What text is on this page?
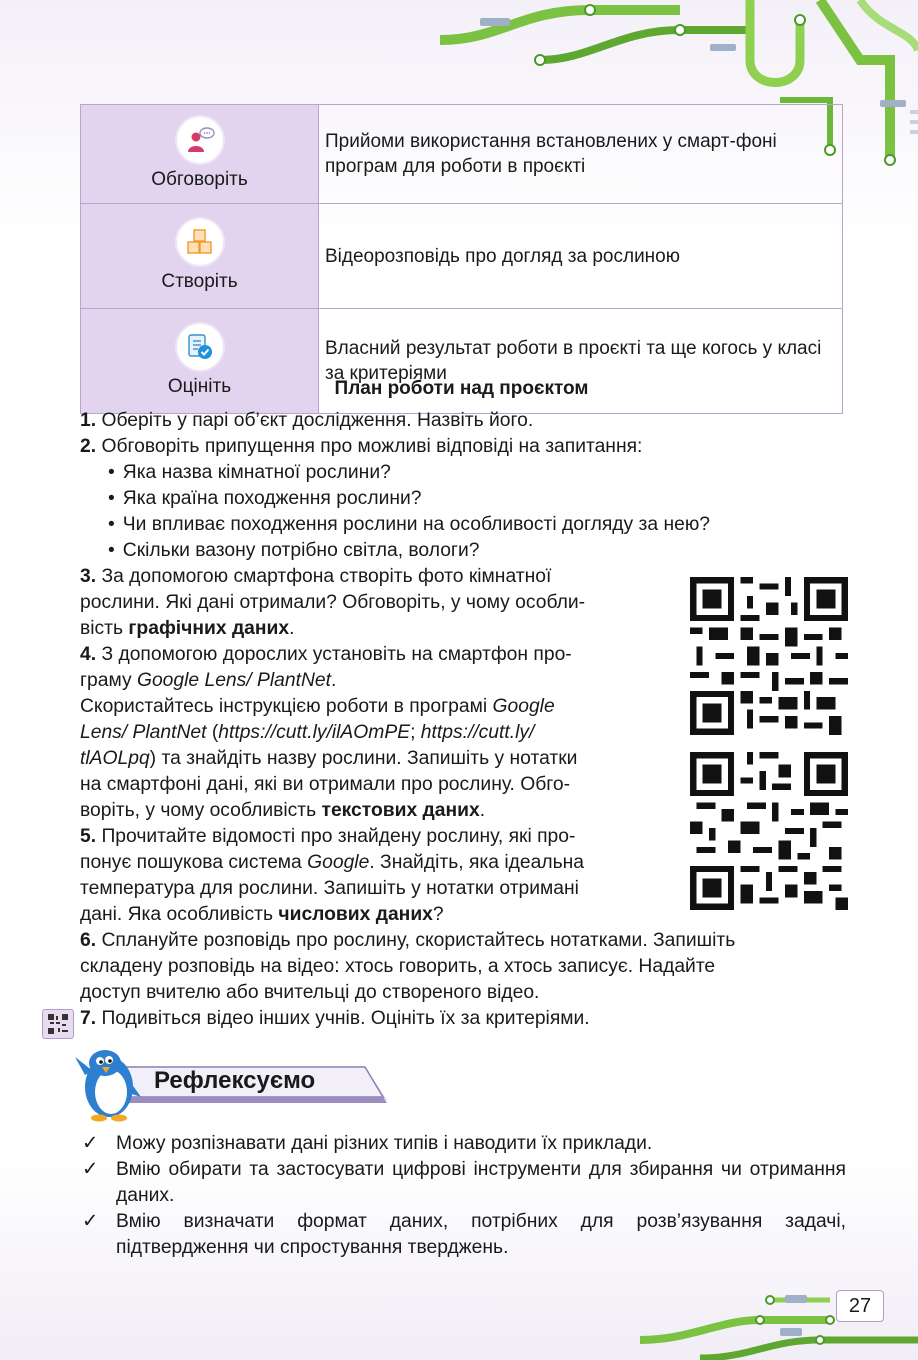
Обговоріть	Прийоми використання встановлених у смарт-фоні програм для роботи в проєкті

Створіть	Відеорозповідь про догляд за рослиною

Оцініть	Власний результат роботи в проєкті та ще когось у класі за критеріями
План роботи над проєктом
1. Оберіть у парі об’єкт дослідження. Назвіть його.
2. Обговоріть припущення про можливі відповіді на запитання:
• Яка назва кімнатної рослини?
• Яка країна походження рослини?
• Чи впливає походження рослини на особливості догляду за нею?
• Скільки вазону потрібно світла, вологи?
3. За допомогою смартфона створіть фото кімнатної
рослини. Які дані отримали? Обговоріть, у чому особли-
вість графічних даних.
4. З допомогою дорослих установіть на смартфон про-
граму Google Lens/ PlantNet.
Скористайтесь інструкцією роботи в програмі Google
Lens/ PlantNet (https://cutt.ly/ilAOmPE; https://cutt.ly/
tlAOLpq) та знайдіть назву рослини. Запишіть у нотатки
на смартфоні дані, які ви отримали про рослину. Обго-
воріть, у чому особливість текстових даних.
5. Прочитайте відомості про знайдену рослину, які про-
понує пошукова система Google. Знайдіть, яка ідеальна
температура для рослини. Запишіть у нотатки отримані
дані. Яка особливість числових даних?
6. Сплануйте розповідь про рослину, скористайтесь нотатками. Запишіть
складену розповідь на відео: хтось говорить, а хтось записує. Надайте
доступ вчителю або вчительці до створеного відео.
7. Подивіться відео інших учнів. Оцініть їх за критеріями.
Рефлексуємо
✓ Можу розпізнавати дані різних типів і наводити їх приклади.
✓ Вмію обирати та застосувати цифрові інструменти для збирання чи отримання даних.
✓ Вмію визначати формат даних, потрібних для розв’язування задачі, підтвердження чи спростування тверджень.
27
